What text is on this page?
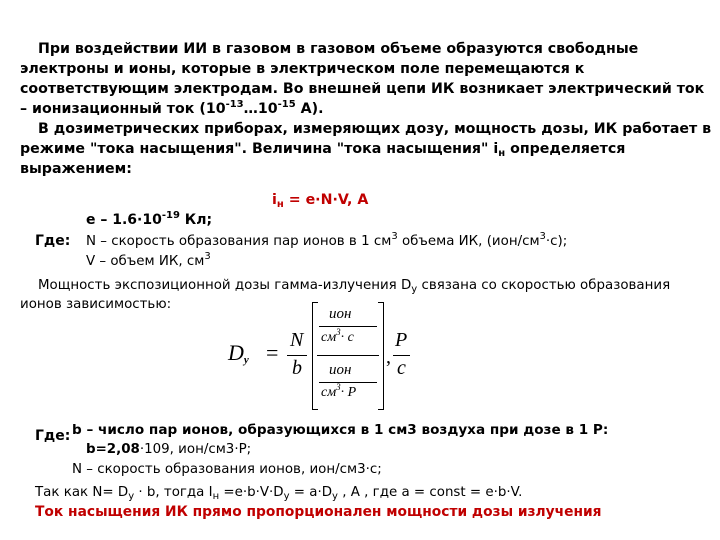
При воздействии ИИ в газовом в газовом объеме образуются свободные
электроны и ионы, которые в электрическом поле перемещаются к
соответствующим электродам. Во внешней цепи ИК возникает электрический ток
– ионизационный ток ($10^{-13}\dots 10^{-15}$ А).
В дозиметрических приборах, измеряющих дозу, мощность дозы, ИК работает в
режиме "тока насыщения". Величина "тока насыщения" $i_н$ определяется
выражением:
$i_н = e\cdot N\cdot V$, А
Где:
$e - 1.6\cdot 10^{-19}$ Кл;
N – скорость образования пар ионов в 1 $см^3$ объема ИК, $(ион/см^3\cdot с)$;
V – объем ИК, $см^3$
Мощность экспозиционной дозы гамма-излучения $D_у$ связана со скоростью образования
ионов зависимостью:
$D_y = N$
b
ион
$см^3\cdot c$
ион
$см^3\cdot P$
,
P
c
Где: b – число пар ионов, образующихся в 1 см3 воздуха при дозе в 1 Р:
b=2,08·109, ион/см3·Р;
N – скорость образования ионов, ион/см3·с;
Так как $N= D_y \cdot b$, тогда $I_н =e\cdot b\cdot V\cdot D_y = a\cdot D_y$ , А , где a = const = e·b·V.
Ток насыщения ИК прямо пропорционален мощности дозы излучения
